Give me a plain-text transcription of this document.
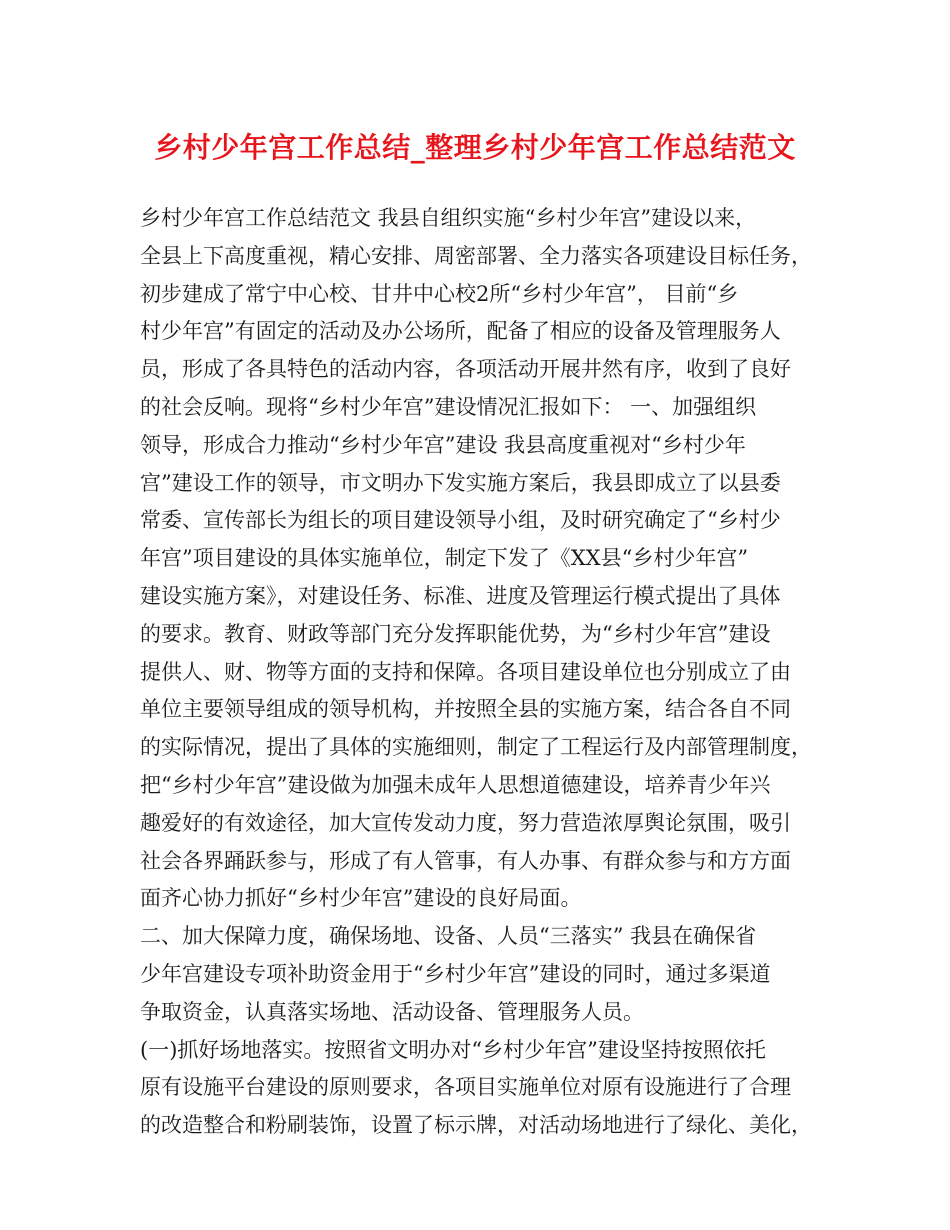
乡村少年宫工作总结_整理乡村少年宫工作总结范文
乡村少年宫工作总结范文 我县自组织实施“乡村少年宫”建设以来，
全县上下高度重视，精心安排、周密部署、全力落实各项建设目标任务，
初步建成了常宁中心校、甘井中心校2所“乡村少年宫”， 目前“乡
村少年宫”有固定的活动及办公场所，配备了相应的设备及管理服务人
员，形成了各具特色的活动内容，各项活动开展井然有序，收到了良好
的社会反响。现将“乡村少年宫”建设情况汇报如下： 一、加强组织
领导，形成合力推动“乡村少年宫”建设 我县高度重视对“乡村少年
宫”建设工作的领导，市文明办下发实施方案后，我县即成立了以县委
常委、宣传部长为组长的项目建设领导小组，及时研究确定了“乡村少
年宫”项目建设的具体实施单位，制定下发了《XX县“乡村少年宫”
建设实施方案》，对建设任务、标准、进度及管理运行模式提出了具体
的要求。教育、财政等部门充分发挥职能优势，为“乡村少年宫”建设
提供人、财、物等方面的支持和保障。各项目建设单位也分别成立了由
单位主要领导组成的领导机构，并按照全县的实施方案，结合各自不同
的实际情况，提出了具体的实施细则，制定了工程运行及内部管理制度，
把“乡村少年宫”建设做为加强未成年人思想道德建设，培养青少年兴
趣爱好的有效途径，加大宣传发动力度，努力营造浓厚舆论氛围，吸引
社会各界踊跃参与，形成了有人管事，有人办事、有群众参与和方方面
面齐心协力抓好“乡村少年宫”建设的良好局面。
二、加大保障力度，确保场地、设备、人员“三落实” 我县在确保省
少年宫建设专项补助资金用于“乡村少年宫”建设的同时，通过多渠道
争取资金，认真落实场地、活动设备、管理服务人员。
(一)抓好场地落实。按照省文明办对“乡村少年宫”建设坚持按照依托
原有设施平台建设的原则要求，各项目实施单位对原有设施进行了合理
的改造整合和粉刷装饰，设置了标示牌，对活动场地进行了绿化、美化，
